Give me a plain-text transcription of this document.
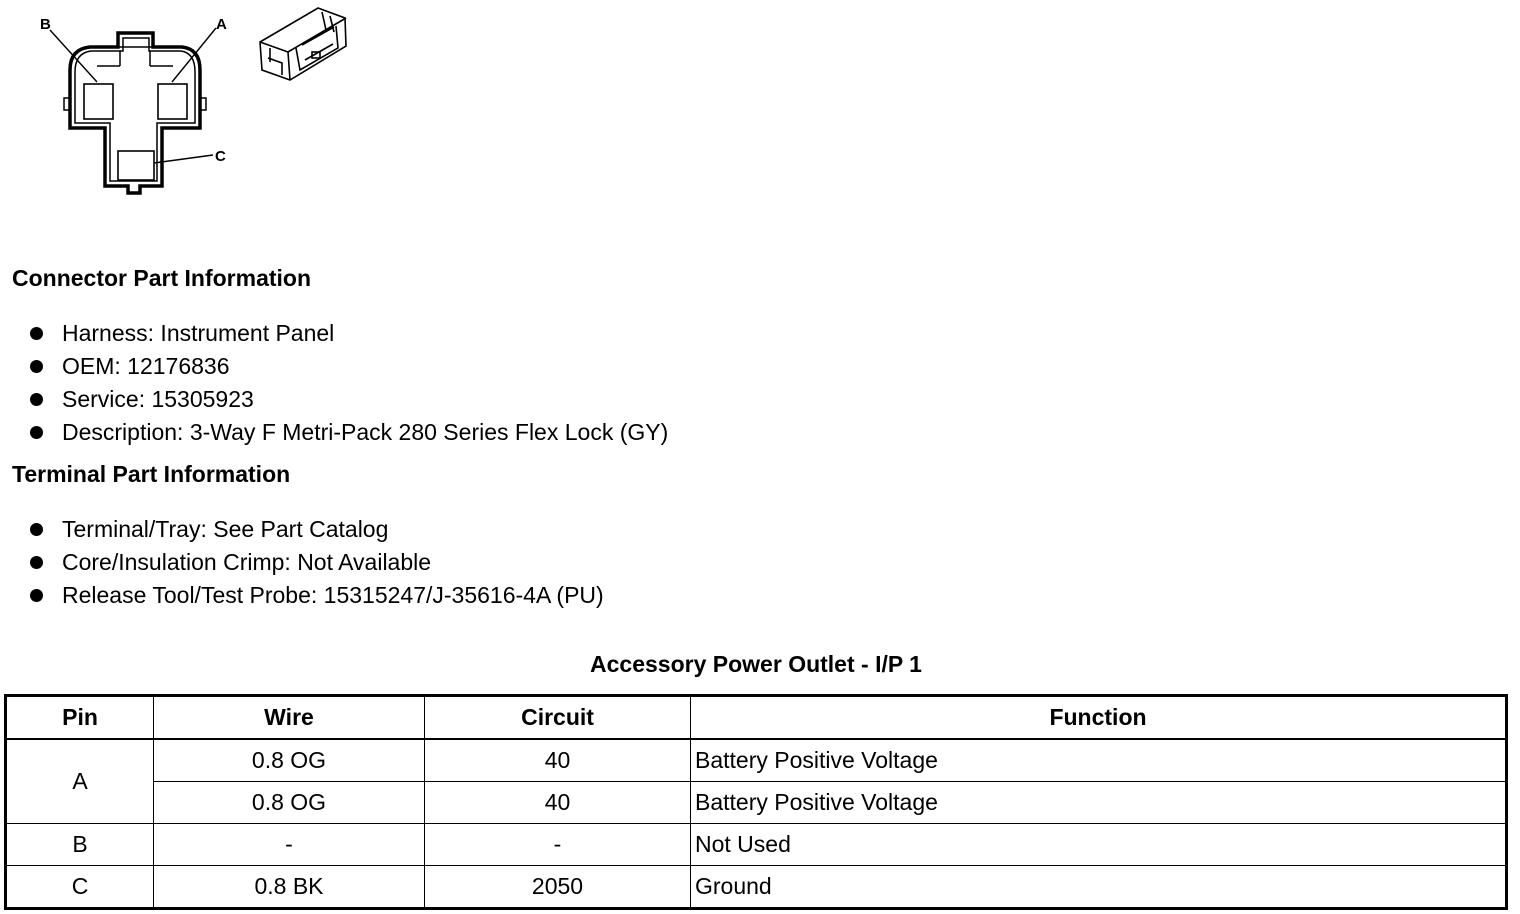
B	A
C
Connector Part Information
Harness: Instrument Panel
OEM: 12176836
Service: 15305923
Description: 3-Way F Metri-Pack 280 Series Flex Lock (GY)
Terminal Part Information
Terminal/Tray: See Part Catalog
Core/Insulation Crimp: Not Available
Release Tool/Test Probe: 15315247/J-35616-4A (PU)
Accessory Power Outlet - I/P 1
Pin	Wire	Circuit	Function
A	0.8 OG	40	Battery Positive Voltage
	0.8 OG	40	Battery Positive Voltage
B	-	-	Not Used
C	0.8 BK	2050	Ground
